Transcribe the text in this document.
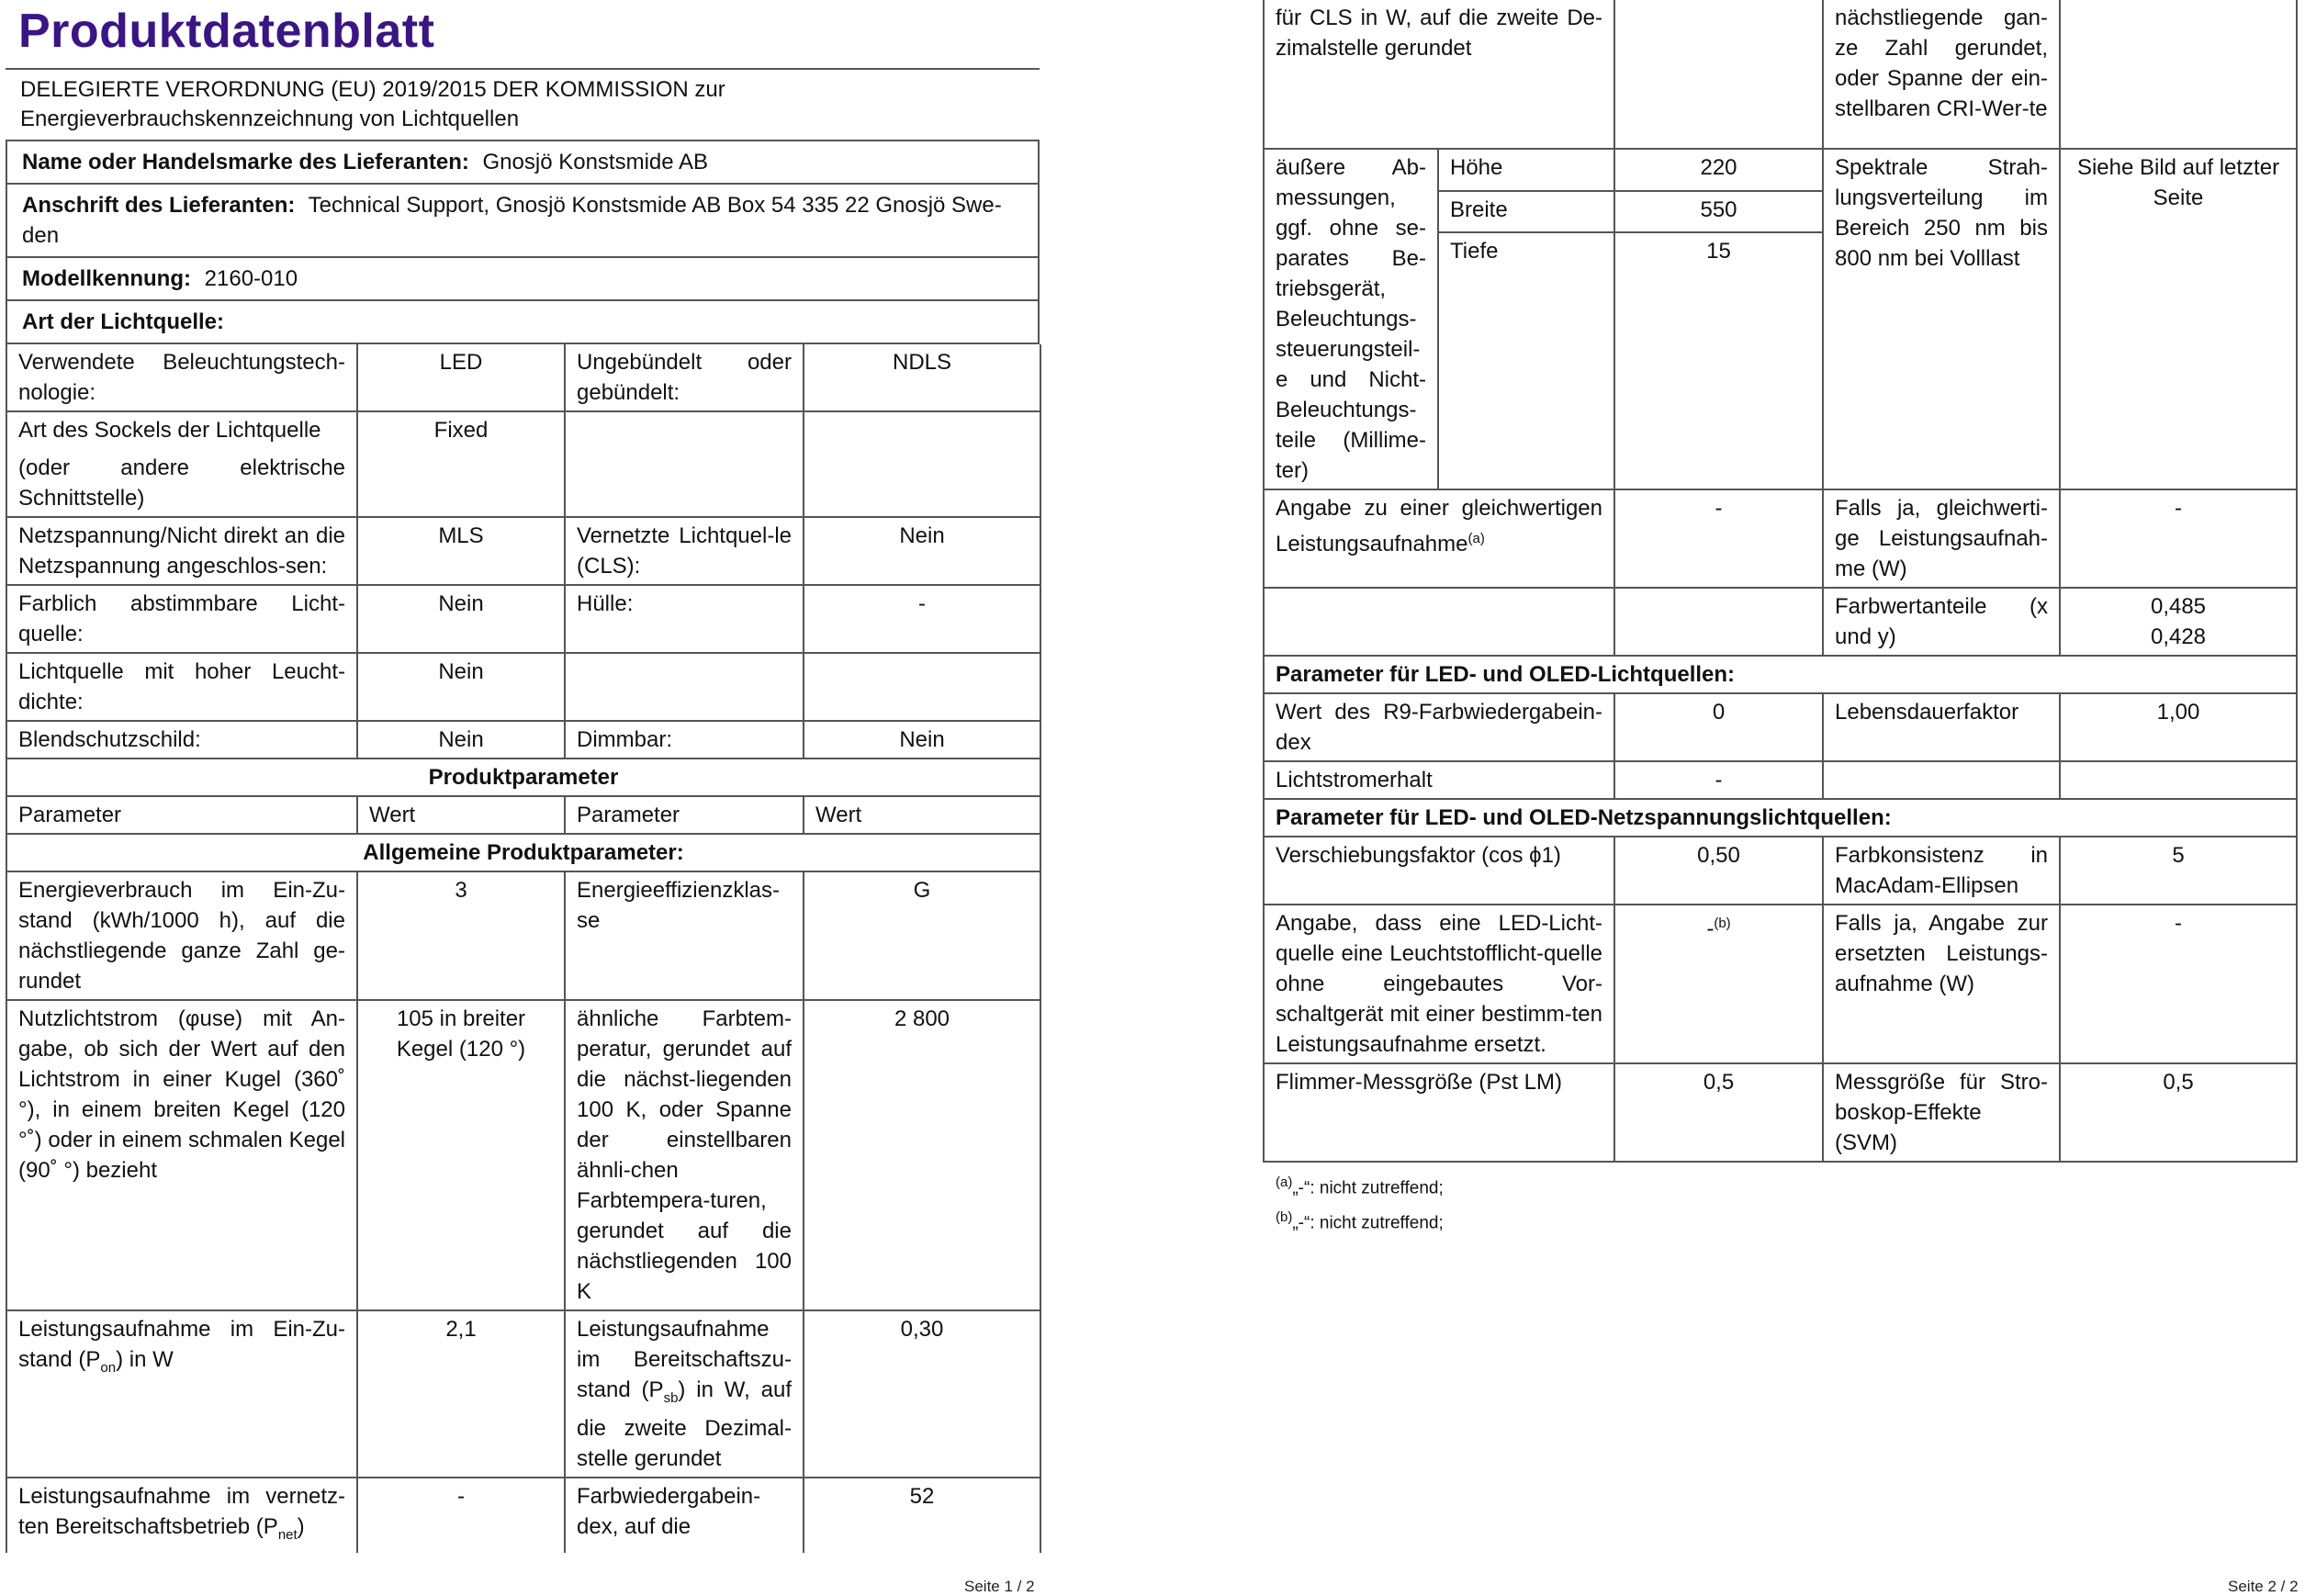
Produktdatenblatt
DELEGIERTE VERORDNUNG (EU) 2019/2015 DER KOMMISSION zur Energieverbrauchskennzeichnung von Lichtquellen
Name oder Handelsmarke des Lieferanten: Gnosjö Konstsmide AB
Anschrift des Lieferanten: Technical Support, Gnosjö Konstsmide AB Box 54 335 22 Gnosjö Swe-den
Modellkennung: 2160-010
Art der Lichtquelle:
Verwendete Beleuchtungstech-nologie:	LED	Ungebündelt oder gebündelt:	NDLS

Art des Sockels der Lichtquelle
(oder andere elektrische Schnittstelle)	Fixed		
Netzspannung/Nicht direkt an die Netzspannung angeschlos-sen:	MLS	Vernetzte Lichtquel-le (CLS):	Nein
Farblich abstimmbare Licht-quelle:	Nein	Hülle:	-
Lichtquelle mit hoher Leucht-dichte:	Nein		
Blendschutzschild:	Nein	Dimmbar:	Nein
Produktparameter			
Parameter	Wert	Parameter	Wert
Allgemeine Produktparameter:			
Energieverbrauch im Ein-Zu-stand (kWh/1000 h), auf die nächstliegende ganze Zahl ge-rundet	3	Energieeffizienzklas-se	G
Nutzlichtstrom (φuse) mit An-gabe, ob sich der Wert auf den Lichtstrom in einer Kugel (360˚ °), in einem breiten Kegel (120 °˚) oder in einem schmalen Kegel (90˚ °) bezieht	105 in breiter Kegel (120 °)	ähnliche Farbtem-peratur, gerundet auf die nächst-liegenden 100 K, oder Spanne der einstellbaren ähnli-chen Farbtempera-turen, gerundet auf die nächstliegenden 100 K	2 800
Leistungsaufnahme im Ein-Zu-stand $(P_{on})$ in W	2,1	Leistungsaufnahme im Bereitschaftszu-stand $(P_{sb})$ in W, auf die zweite Dezimal-stelle gerundet	0,30
Leistungsaufnahme im vernetz-ten Bereitschaftsbetrieb $(P_{net})$	-	Farbwiedergabein-dex, auf die	52
Seite 1 / 2
für CLS in W, auf die zweite De-zimalstelle gerundet			nächstliegende gan-ze Zahl gerundet, oder Spanne der ein-stellbaren CRI-Wer-te	
äußere Ab-messungen, ggf. ohne se-parates Be-triebsgerät, Beleuchtungs-steuerungsteil-e und Nicht-Beleuchtungs-teile (Millime-ter)	Höhe	220	Spektrale Strah-lungsverteilung im Bereich 250 nm bis 800 nm bei Volllast	Siehe Bild auf letzter Seite
	Breite	550		
	Tiefe	15		
Angabe zu einer gleichwertigen Leistungsaufnahme$^{(a)}$		-	Falls ja, gleichwerti-ge Leistungsaufnah-me (W)	-
			Farbwertanteile (x und y)	0,485
0,428

Parameter für LED- und OLED-Lichtquellen:				
Wert des R9-Farbwiedergabein-dex		0	Lebensdauerfaktor	1,00
Lichtstromerhalt		-		
Parameter für LED- und OLED-Netzspannungslichtquellen:				
Verschiebungsfaktor (cos ϕ1)		0,50	Farbkonsistenz in MacAdam-Ellipsen	5
Angabe, dass eine LED-Licht-quelle eine Leuchtstofflicht-quelle ohne eingebautes Vor-schaltgerät mit einer bestimm-ten Leistungsaufnahme ersetzt.		-$^{(b)}$	Falls ja, Angabe zur ersetzten Leistungs-aufnahme (W)	-
Flimmer-Messgröße (Pst LM)		0,5	Messgröße für Stro-boskop-Effekte (SVM)	0,5
$^{(a)}$„-“: nicht zutreffend;
$^{(b)}$„-“: nicht zutreffend;
Seite 2 / 2
